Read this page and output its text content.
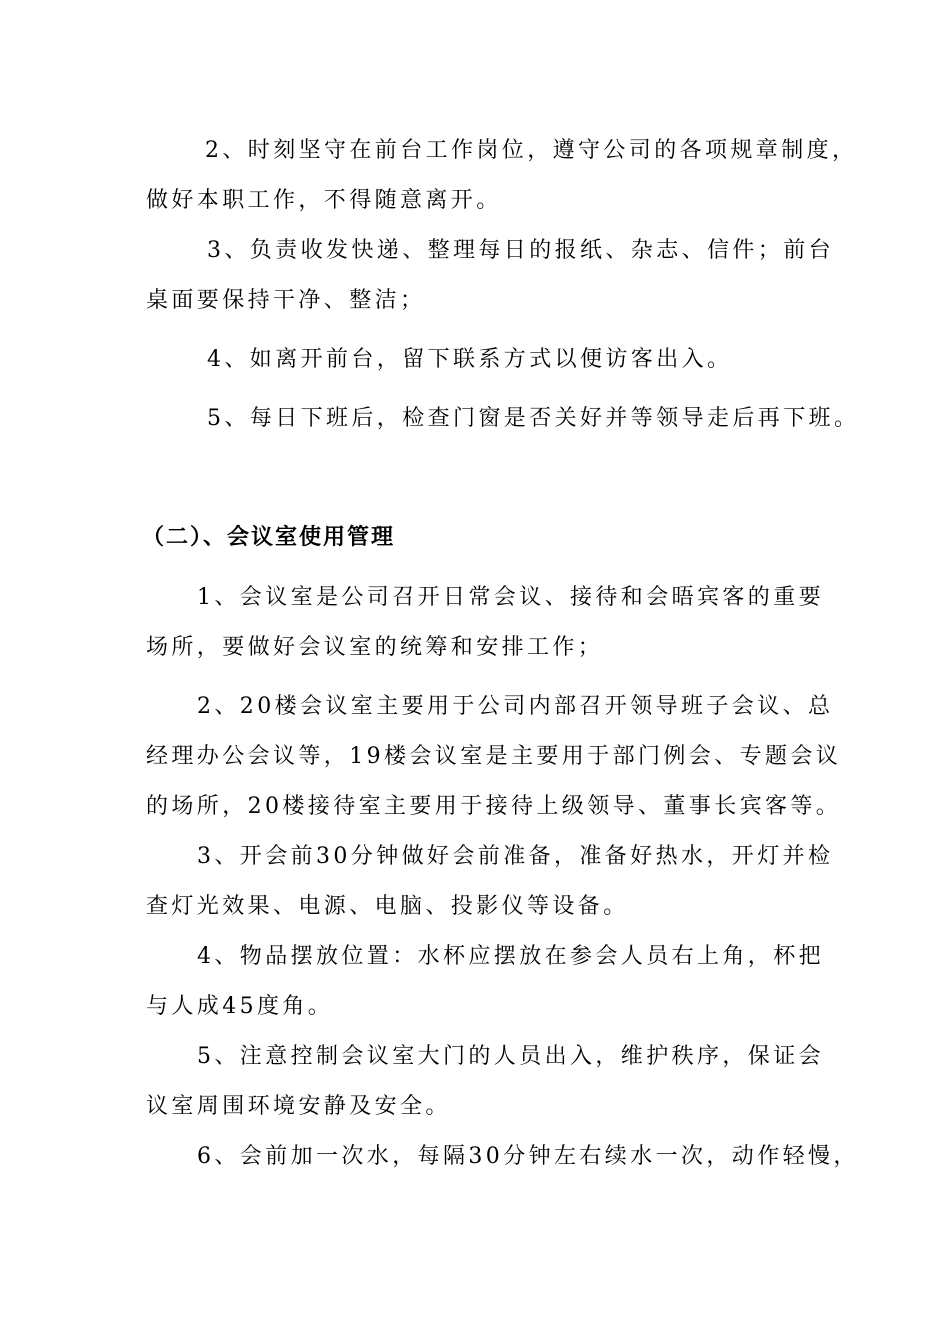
2、时刻坚守在前台工作岗位，遵守公司的各项规章制度，
做好本职工作，不得随意离开。
3、负责收发快递、整理每日的报纸、杂志、信件；前台
桌面要保持干净、整洁；
4、如离开前台，留下联系方式以便访客出入。
5、每日下班后，检查门窗是否关好并等领导走后再下班。
（二）、会议室使用管理
1、会议室是公司召开日常会议、接待和会晤宾客的重要
场所，要做好会议室的统筹和安排工作；
2、20楼会议室主要用于公司内部召开领导班子会议、总
经理办公会议等，19楼会议室是主要用于部门例会、专题会议
的场所，20楼接待室主要用于接待上级领导、董事长宾客等。
3、开会前30分钟做好会前准备，准备好热水，开灯并检
查灯光效果、电源、电脑、投影仪等设备。
4、物品摆放位置：水杯应摆放在参会人员右上角，杯把
与人成45度角。
5、注意控制会议室大门的人员出入，维护秩序，保证会
议室周围环境安静及安全。
6、会前加一次水，每隔30分钟左右续水一次，动作轻慢，
